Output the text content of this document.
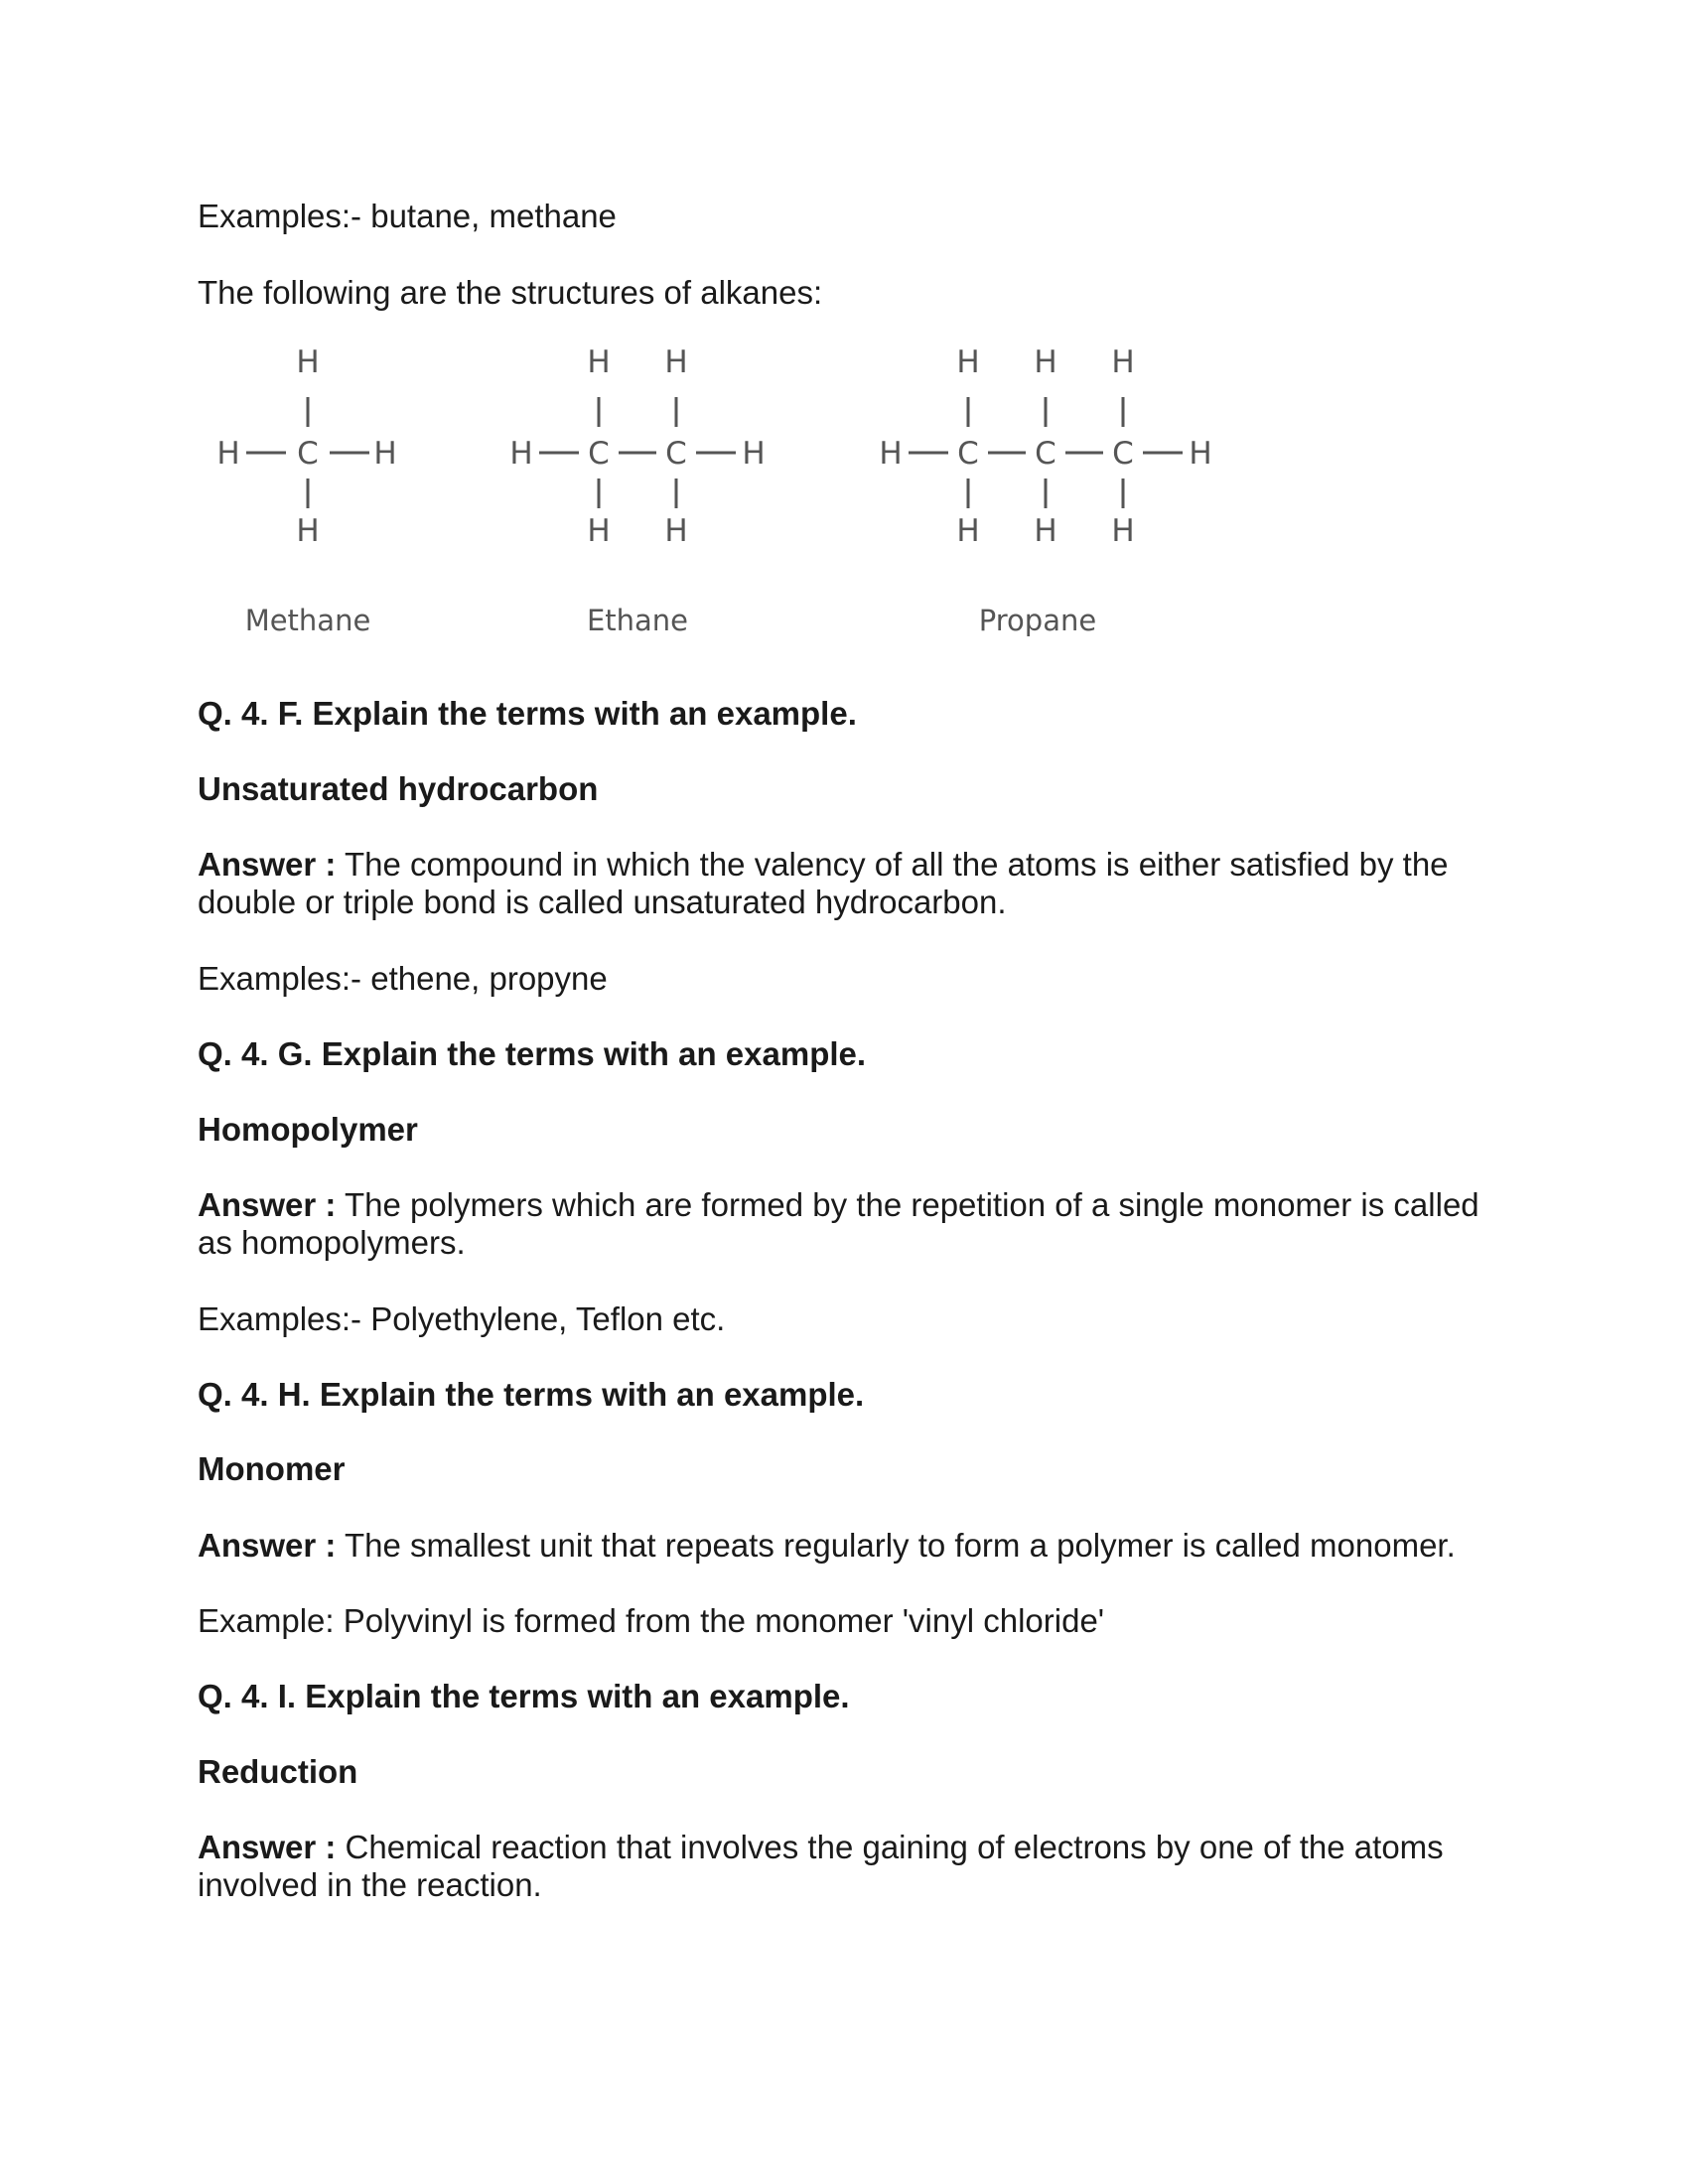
Examples:- butane, methane
The following are the structures of alkanes:
H
H C H
H
Methane
H H
H C C H
H H
Ethane
H H H
H C C C H
H H H
Propane
Q. 4. F. Explain the terms with an example.
Unsaturated hydrocarbon
Answer : The compound in which the valency of all the atoms is either satisfied by the double or triple bond is called unsaturated hydrocarbon.
Examples:- ethene, propyne
Q. 4. G. Explain the terms with an example.
Homopolymer
Answer : The polymers which are formed by the repetition of a single monomer is called as homopolymers.
Examples:- Polyethylene, Teflon etc.
Q. 4. H. Explain the terms with an example.
Monomer
Answer : The smallest unit that repeats regularly to form a polymer is called monomer.
Example: Polyvinyl is formed from the monomer 'vinyl chloride'
Q. 4. I. Explain the terms with an example.
Reduction
Answer : Chemical reaction that involves the gaining of electrons by one of the atoms involved in the reaction.
